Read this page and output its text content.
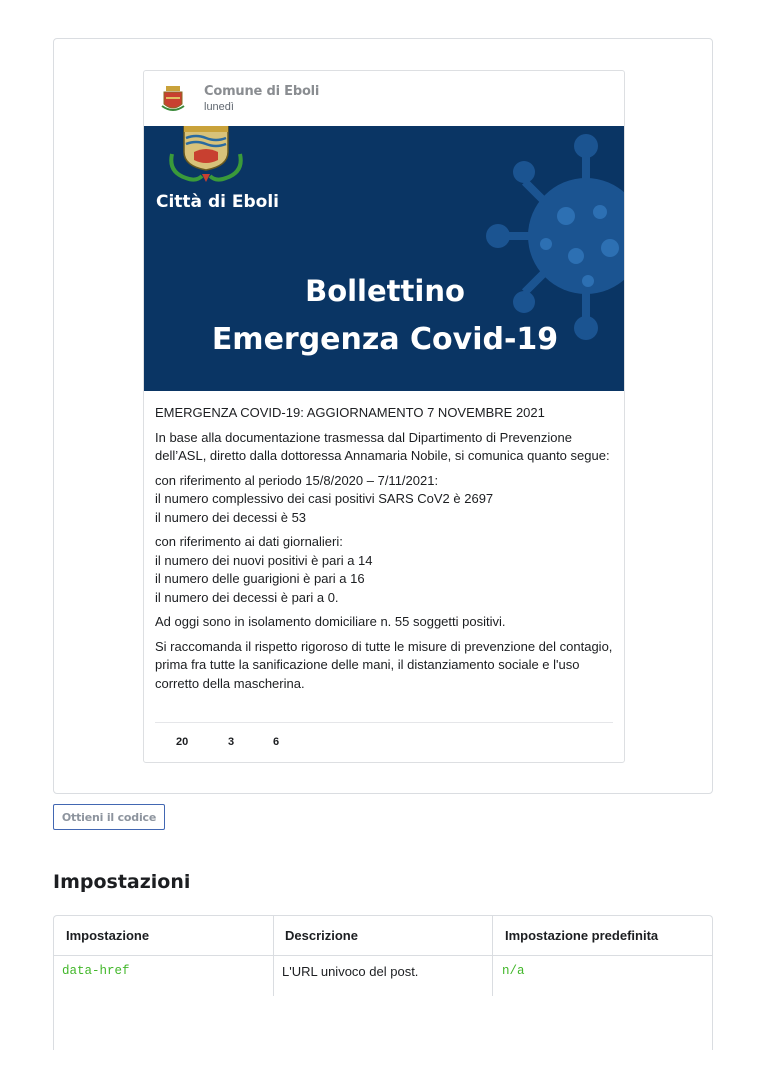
Comune di Eboli
lunedì
Città di Eboli
Bollettino
Emergenza Covid-19

EMERGENZA COVID-19: AGGIORNAMENTO 7 NOVEMBRE 2021

In base alla documentazione trasmessa dal Dipartimento di Prevenzione dell’ASL, diretto dalla dottoressa Annamaria Nobile, si comunica quanto segue:

con riferimento al periodo 15/8/2020 – 7/11/2021:
il numero complessivo dei casi positivi SARS CoV2 è 2697
il numero dei decessi è 53

con riferimento ai dati giornalieri:
il numero dei nuovi positivi è pari a 14
il numero delle guarigioni è pari a 16
il numero dei decessi è pari a 0.

Ad oggi sono in isolamento domiciliare n. 55 soggetti positivi.

Si raccomanda il rispetto rigoroso di tutte le misure di prevenzione del contagio, prima fra tutte la sanificazione delle mani, il distanziamento sociale e l'uso corretto della mascherina.

20	3	6
Ottieni il codice
Impostazioni
Impostazione	Descrizione	Impostazione predefinita
data-href	L'URL univoco del post.	n/a
